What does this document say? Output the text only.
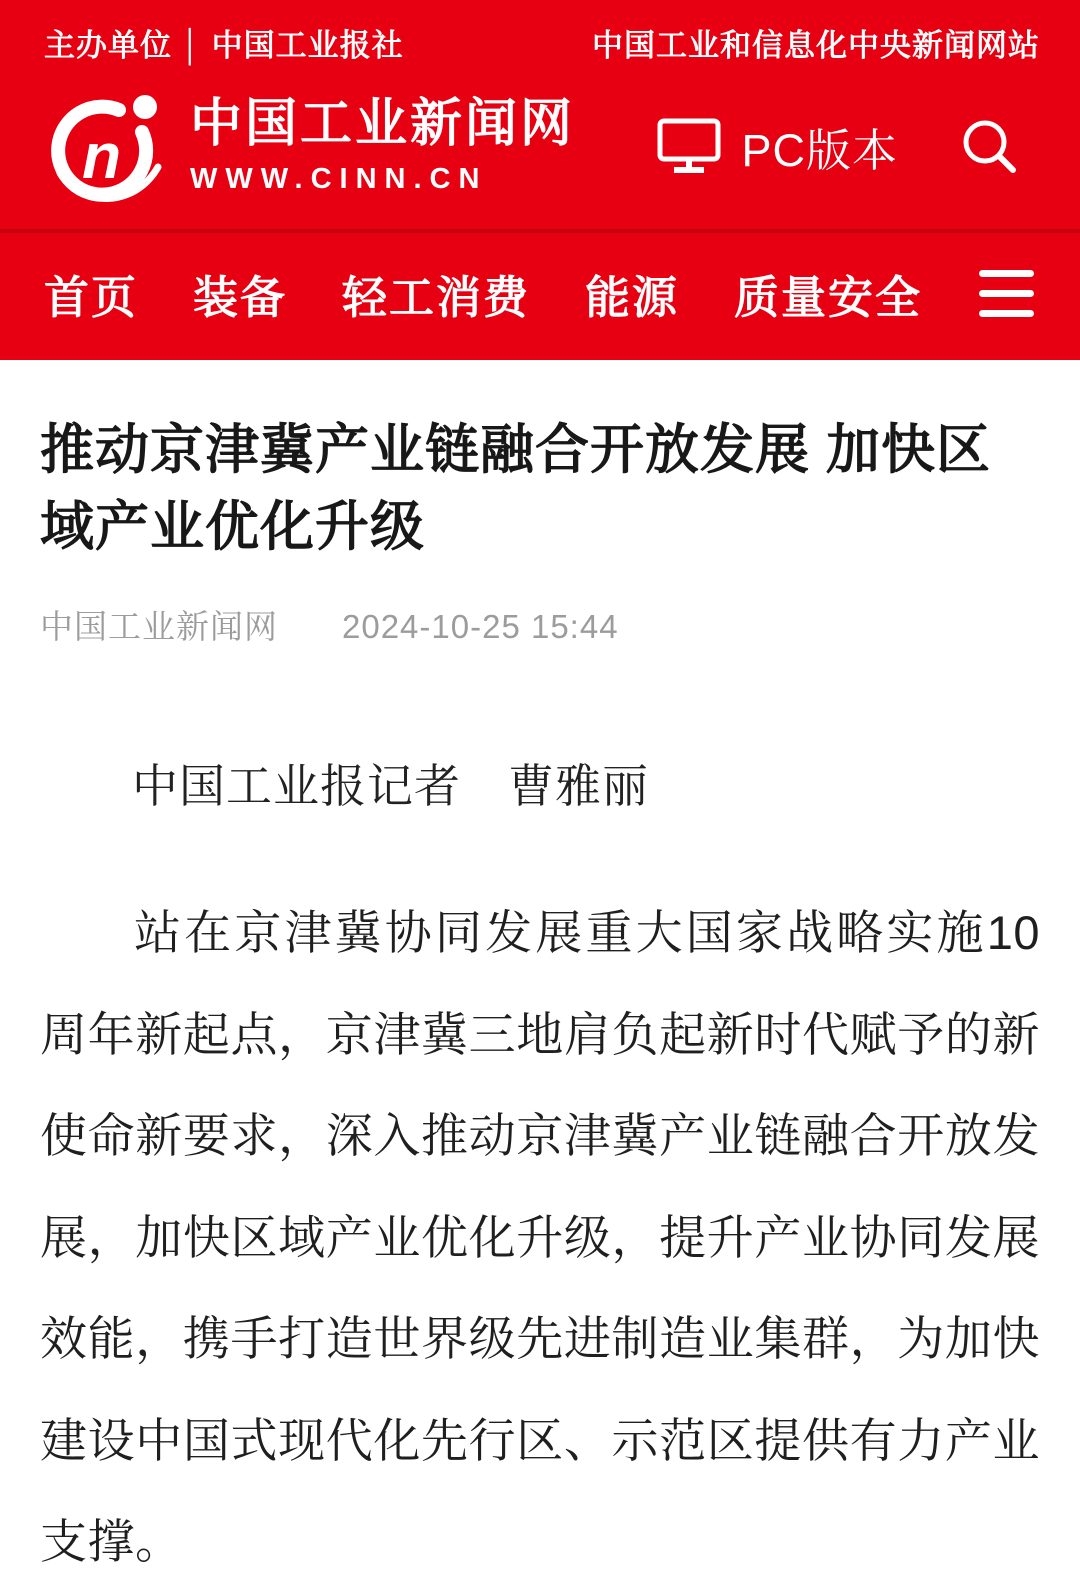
主办单位 │ 中国工业报社	中国工业和信息化中央新闻网站
n 中国工业新闻网
WWW.CINN.CN
PC版本
首页 装备 轻工消费 能源 质量安全
推动京津冀产业链融合开放发展 加快区域产业优化升级
中国工业新闻网 2024-10-25 15:44

中国工业报记者　曹雅丽

站在京津冀协同发展重大国家战略实施10周年新起点，京津冀三地肩负起新时代赋予的新使命新要求，深入推动京津冀产业链融合开放发展，加快区域产业优化升级，提升产业协同发展效能，携手打造世界级先进制造业集群，为加快建设中国式现代化先行区、示范区提供有力产业支撑。
